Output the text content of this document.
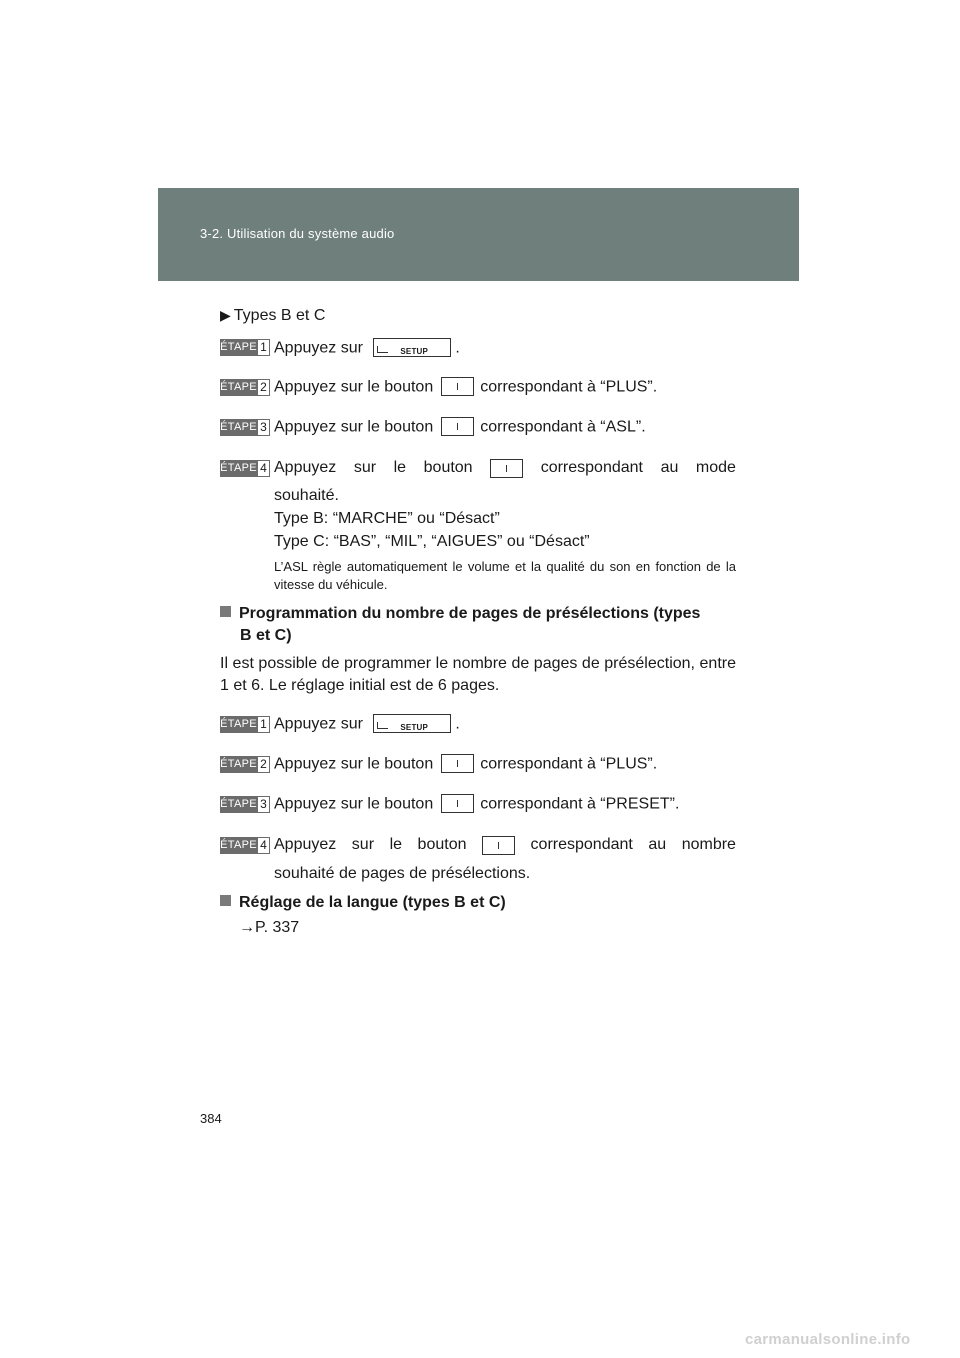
3-2. Utilisation du système audio
▶ Types B et C
ÉTAPE 1 Appuyez sur	SETUP .
ÉTAPE 2 Appuyez sur le bouton	correspondant à “PLUS”.
ÉTAPE 3 Appuyez sur le bouton	correspondant à “ASL”.
ÉTAPE 4 Appuyez sur le bouton	correspondant au mode
souhaité.
Type B: “MARCHE” ou “Désact”
Type C: “BAS”, “MIL”, “AIGUES” ou “Désact”
L’ASL règle automatiquement le volume et la qualité du son en fonction de la vitesse du véhicule.
Programmation du nombre de pages de présélections (types
B et C)
Il est possible de programmer le nombre de pages de présélection, entre 1 et 6. Le réglage initial est de 6 pages.
ÉTAPE 1 Appuyez sur	SETUP .
ÉTAPE 2 Appuyez sur le bouton	correspondant à “PLUS”.
ÉTAPE 3 Appuyez sur le bouton	correspondant à “PRESET”.
ÉTAPE 4 Appuyez sur le bouton	correspondant au nombre
souhaité de pages de présélections.
Réglage de la langue (types B et C)
→P. 337
384
carmanualsonline.info
